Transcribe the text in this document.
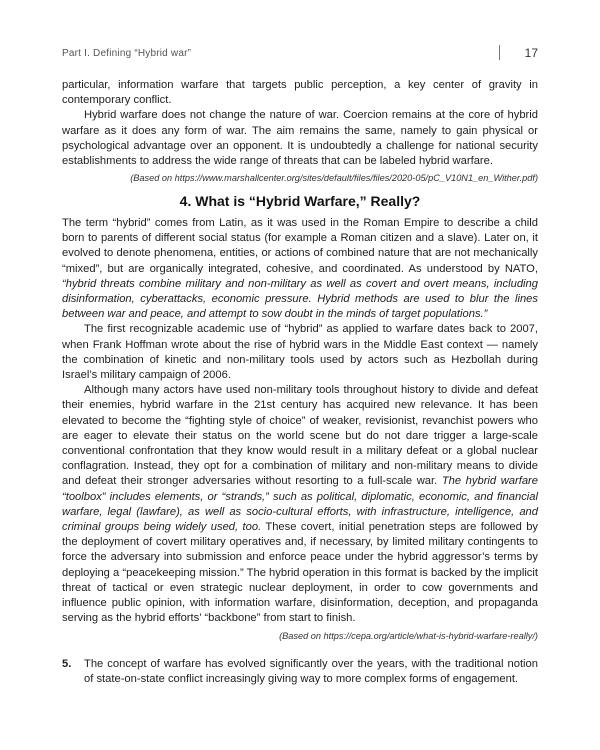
Part I. Defining “Hybrid war”	17

particular, information warfare that targets public perception, a key center of gravity in contemporary conflict.

Hybrid warfare does not change the nature of war. Coercion remains at the core of hybrid warfare as it does any form of war. The aim remains the same, namely to gain physical or psychological advantage over an opponent. It is undoubtedly a challenge for national security establishments to address the wide range of threats that can be labeled hybrid warfare.

(Based on https://www.marshallcenter.org/sites/default/files/files/2020-05/pC_V10N1_en_Wither.pdf)

4. What is “Hybrid Warfare,” Really?

The term “hybrid” comes from Latin, as it was used in the Roman Empire to describe a child born to parents of different social status (for example a Roman citizen and a slave). Later on, it evolved to denote phenomena, entities, or actions of combined nature that are not mechanically “mixed”, but are organically integrated, cohesive, and coordinated. As understood by NATO, “hybrid threats combine military and non-military as well as covert and overt means, including disinformation, cyberattacks, economic pressure. Hybrid methods are used to blur the lines between war and peace, and attempt to sow doubt in the minds of target populations.”

The first recognizable academic use of “hybrid” as applied to warfare dates back to 2007, when Frank Hoffman wrote about the rise of hybrid wars in the Middle East context — namely the combination of kinetic and non-military tools used by actors such as Hezbollah during Israel’s military campaign of 2006.

Although many actors have used non-military tools throughout history to divide and defeat their enemies, hybrid warfare in the 21st century has acquired new relevance. It has been elevated to become the “fighting style of choice” of weaker, revisionist, revanchist powers who are eager to elevate their status on the world scene but do not dare trigger a large-scale conventional confrontation that they know would result in a military defeat or a global nuclear conflagration. Instead, they opt for a combination of military and non-military means to divide and defeat their stronger adversaries without resorting to a full-scale war. The hybrid warfare “toolbox” includes elements, or “strands,” such as political, diplomatic, economic, and financial warfare, legal (lawfare), as well as socio-cultural efforts, with infrastructure, intelligence, and criminal groups being widely used, too. These covert, initial penetration steps are followed by the deployment of covert military operatives and, if necessary, by limited military contingents to force the adversary into submission and enforce peace under the hybrid aggressor’s terms by deploying a “peacekeeping mission.” The hybrid operation in this format is backed by the implicit threat of tactical or even strategic nuclear deployment, in order to cow governments and influence public opinion, with information warfare, disinformation, deception, and propaganda serving as the hybrid efforts’ “backbone” from start to finish.

(Based on https://cepa.org/article/what-is-hybrid-warfare-really/)

5.	The concept of warfare has evolved significantly over the years, with the traditional notion of state-on-state conflict increasingly giving way to more complex forms of engagement.
